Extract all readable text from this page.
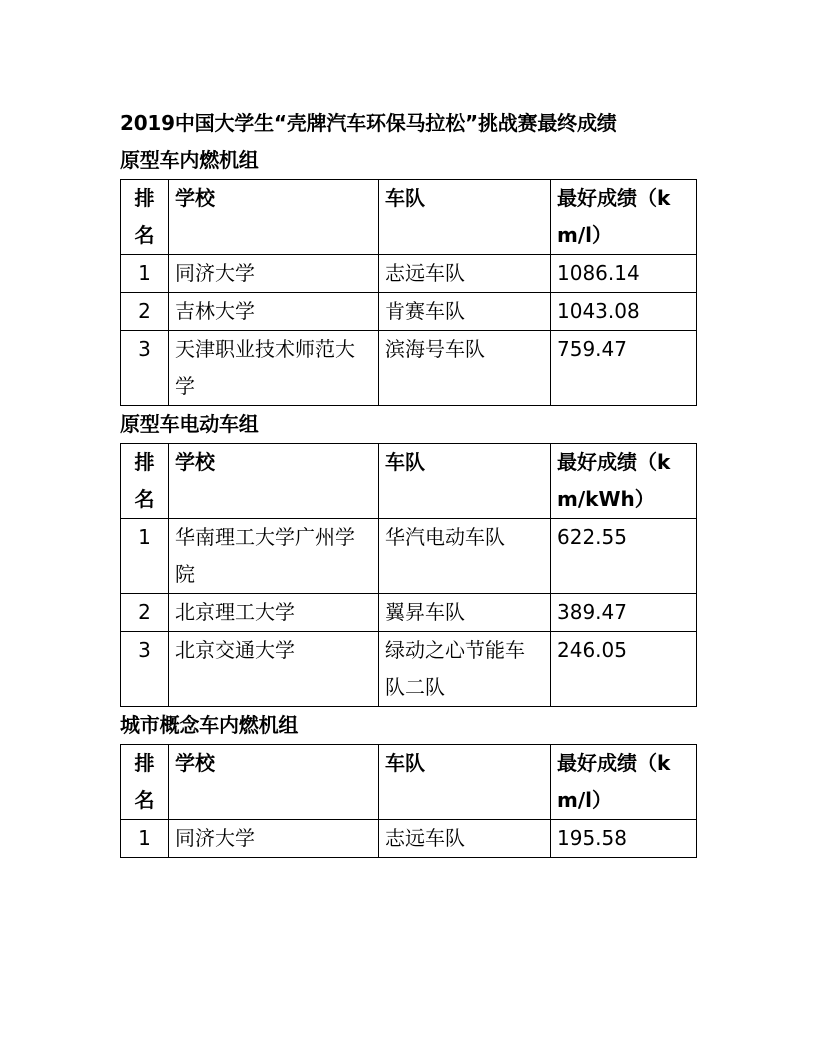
2019中国大学生“壳牌汽车环保马拉松”挑战赛最终成绩
原型车内燃机组
排名	学校	车队	最好成绩（km/l）
1	同济大学	志远车队	1086.14
2	吉林大学	肯赛车队	1043.08
3	天津职业技术师范大学	滨海号车队	759.47
原型车电动车组
排名	学校	车队	最好成绩（km/kWh）
1	华南理工大学广州学院	华汽电动车队	622.55
2	北京理工大学	翼昇车队	389.47
3	北京交通大学	绿动之心节能车队二队	246.05
城市概念车内燃机组
排名	学校	车队	最好成绩（km/l）
1	同济大学	志远车队	195.58
